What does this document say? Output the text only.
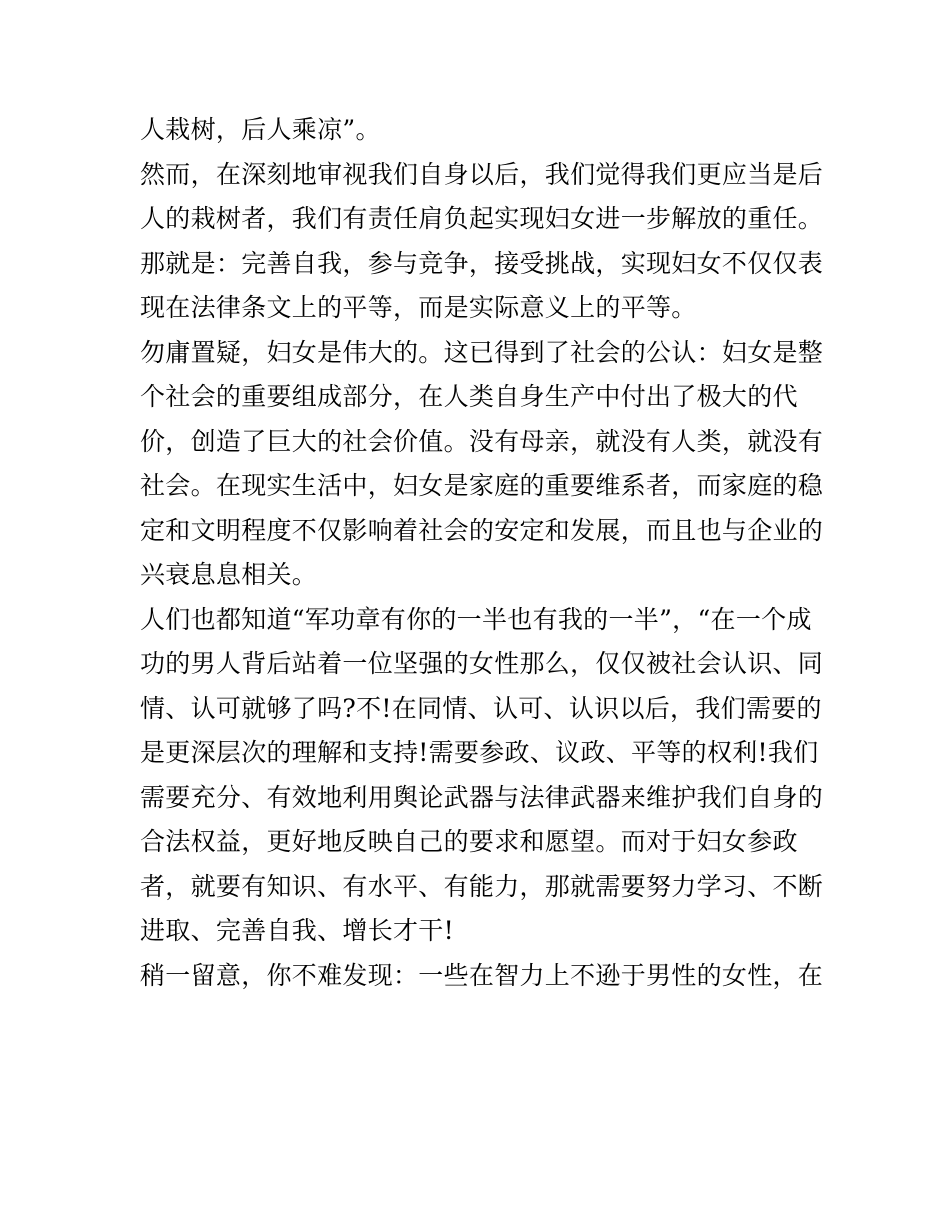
人栽树，后人乘凉”。
然而，在深刻地审视我们自身以后，我们觉得我们更应当是后
人的栽树者，我们有责任肩负起实现妇女进一步解放的重任。
那就是：完善自我，参与竞争，接受挑战，实现妇女不仅仅表
现在法律条文上的平等，而是实际意义上的平等。
勿庸置疑，妇女是伟大的。这已得到了社会的公认：妇女是整
个社会的重要组成部分，在人类自身生产中付出了极大的代
价，创造了巨大的社会价值。没有母亲，就没有人类，就没有
社会。在现实生活中，妇女是家庭的重要维系者，而家庭的稳
定和文明程度不仅影响着社会的安定和发展，而且也与企业的
兴衰息息相关。
人们也都知道“军功章有你的一半也有我的一半”，“在一个成
功的男人背后站着一位坚强的女性那么，仅仅被社会认识、同
情、认可就够了吗?不!在同情、认可、认识以后，我们需要的
是更深层次的理解和支持!需要参政、议政、平等的权利!我们
需要充分、有效地利用舆论武器与法律武器来维护我们自身的
合法权益，更好地反映自己的要求和愿望。而对于妇女参政
者，就要有知识、有水平、有能力，那就需要努力学习、不断
进取、完善自我、增长才干!
稍一留意，你不难发现：一些在智力上不逊于男性的女性，在
